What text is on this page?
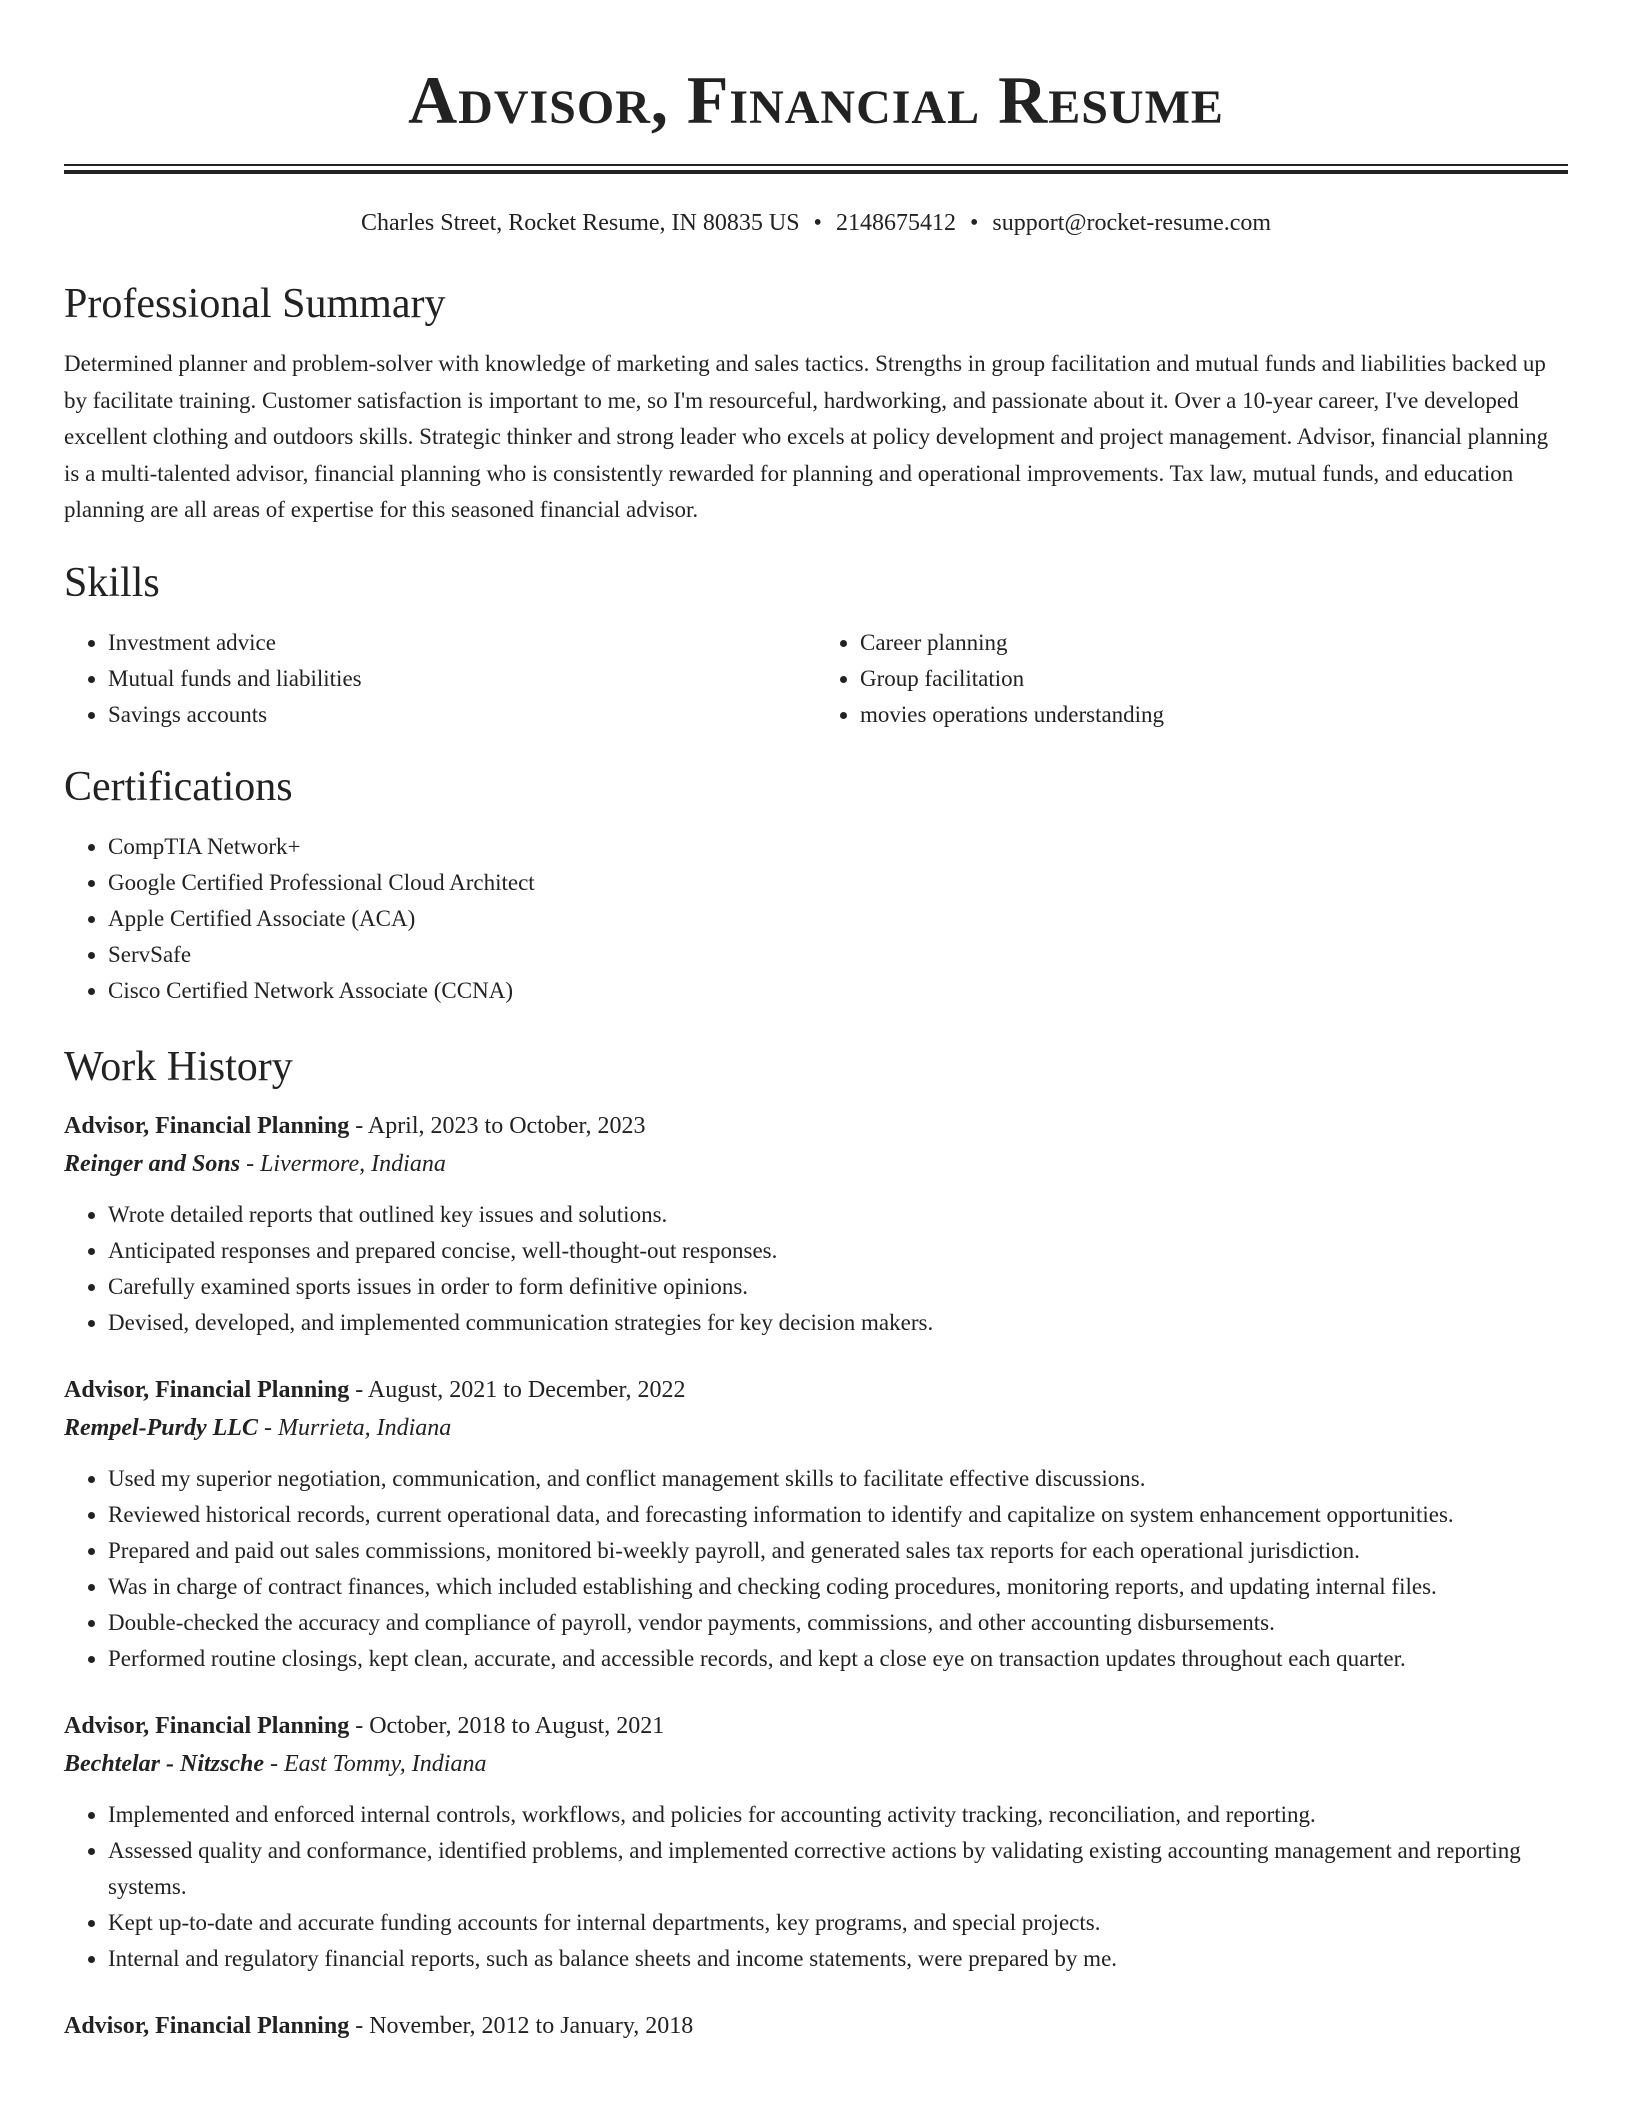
Advisor, Financial Resume
Charles Street, Rocket Resume, IN 80835 US • 2148675412 • support@rocket-resume.com
Professional Summary

Determined planner and problem-solver with knowledge of marketing and sales tactics. Strengths in group facilitation and mutual funds and liabilities backed up by facilitate training. Customer satisfaction is important to me, so I'm resourceful, hardworking, and passionate about it. Over a 10-year career, I've developed excellent clothing and outdoors skills. Strategic thinker and strong leader who excels at policy development and project management. Advisor, financial planning is a multi-talented advisor, financial planning who is consistently rewarded for planning and operational improvements. Tax law, mutual funds, and education planning are all areas of expertise for this seasoned financial advisor.

Skills
• Investment advice
• Mutual funds and liabilities
• Savings accounts
• Career planning
• Group facilitation
• movies operations understanding
Certifications
• CompTIA Network+
• Google Certified Professional Cloud Architect
• Apple Certified Associate (ACA)
• ServSafe
• Cisco Certified Network Associate (CCNA)
Work History
Advisor, Financial Planning - April, 2023 to October, 2023
Reinger and Sons - Livermore, Indiana
• Wrote detailed reports that outlined key issues and solutions.
• Anticipated responses and prepared concise, well-thought-out responses.
• Carefully examined sports issues in order to form definitive opinions.
• Devised, developed, and implemented communication strategies for key decision makers.
Advisor, Financial Planning - August, 2021 to December, 2022
Rempel-Purdy LLC - Murrieta, Indiana
• Used my superior negotiation, communication, and conflict management skills to facilitate effective discussions.
• Reviewed historical records, current operational data, and forecasting information to identify and capitalize on system enhancement opportunities.
• Prepared and paid out sales commissions, monitored bi-weekly payroll, and generated sales tax reports for each operational jurisdiction.
• Was in charge of contract finances, which included establishing and checking coding procedures, monitoring reports, and updating internal files.
• Double-checked the accuracy and compliance of payroll, vendor payments, commissions, and other accounting disbursements.
• Performed routine closings, kept clean, accurate, and accessible records, and kept a close eye on transaction updates throughout each quarter.
Advisor, Financial Planning - October, 2018 to August, 2021
Bechtelar - Nitzsche - East Tommy, Indiana
• Implemented and enforced internal controls, workflows, and policies for accounting activity tracking, reconciliation, and reporting.
• Assessed quality and conformance, identified problems, and implemented corrective actions by validating existing accounting management and reporting systems.
• Kept up-to-date and accurate funding accounts for internal departments, key programs, and special projects.
• Internal and regulatory financial reports, such as balance sheets and income statements, were prepared by me.
Advisor, Financial Planning - November, 2012 to January, 2018
